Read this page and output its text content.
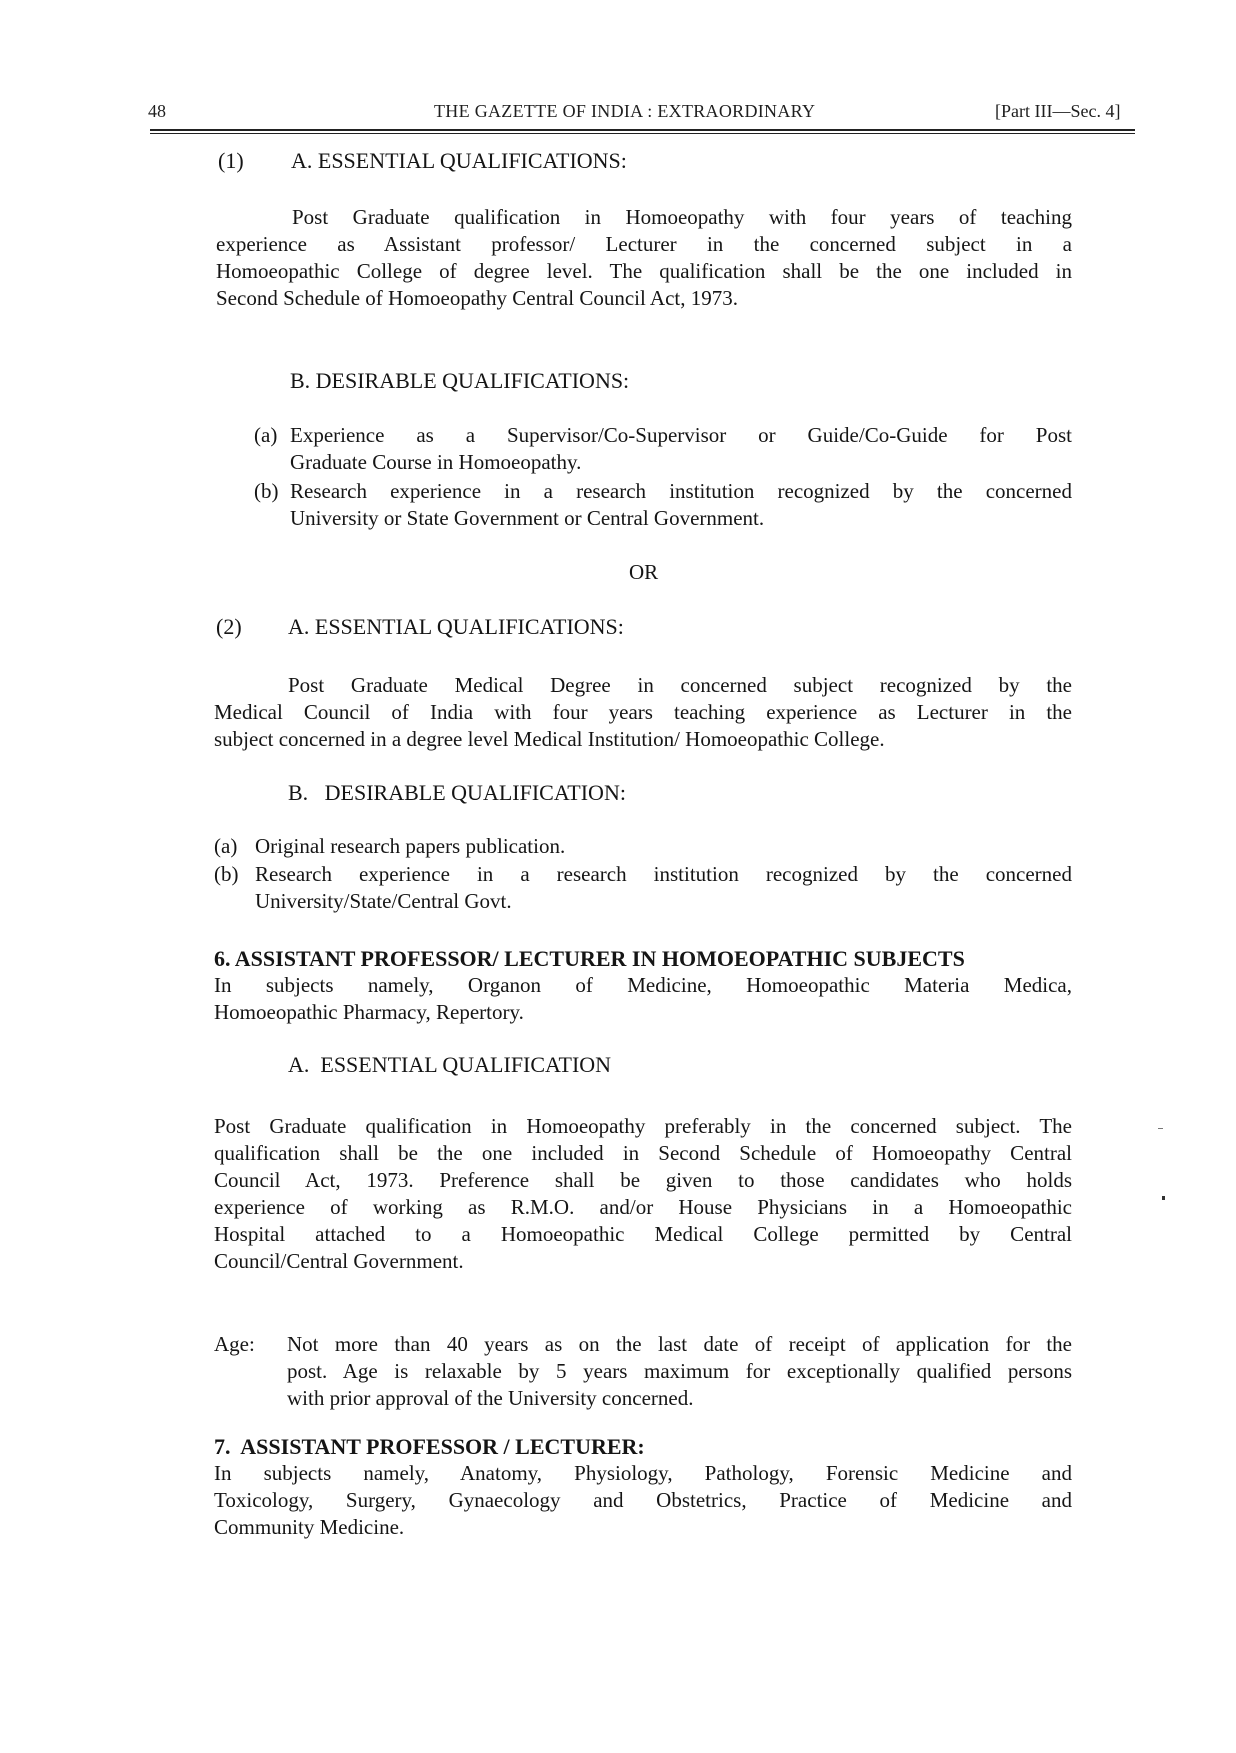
48	THE GAZETTE OF INDIA : EXTRAORDINARY	[Part III—Sec. 4]
(1) A. ESSENTIAL QUALIFICATIONS:
Post Graduate qualification in Homoeopathy with four years of teaching
experience as Assistant professor/ Lecturer in the concerned subject in a
Homoeopathic College of degree level. The qualification shall be the one included in
Second Schedule of Homoeopathy Central Council Act, 1973.
B. DESIRABLE QUALIFICATIONS:
(a) Experience as a Supervisor/Co-Supervisor or Guide/Co-Guide for Post
Graduate Course in Homoeopathy.
(b) Research experience in a research institution recognized by the concerned
University or State Government or Central Government.
OR
(2) A. ESSENTIAL QUALIFICATIONS:
Post Graduate Medical Degree in concerned subject recognized by the
Medical Council of India with four years teaching experience as Lecturer in the
subject concerned in a degree level Medical Institution/ Homoeopathic College.
B.   DESIRABLE QUALIFICATION:
(a) Original research papers publication.
(b) Research experience in a research institution recognized by the concerned
University/State/Central Govt.
6. ASSISTANT PROFESSOR/ LECTURER IN HOMOEOPATHIC SUBJECTS
In subjects namely, Organon of Medicine, Homoeopathic Materia Medica,
Homoeopathic Pharmacy, Repertory.
A.  ESSENTIAL QUALIFICATION
Post Graduate qualification in Homoeopathy preferably in the concerned subject. The
qualification shall be the one included in Second Schedule of Homoeopathy Central
Council Act, 1973. Preference shall be given to those candidates who holds
experience of working as R.M.O. and/or House Physicians in a Homoeopathic
Hospital attached to a Homoeopathic Medical College permitted by Central
Council/Central Government.
Age: Not more than 40 years as on the last date of receipt of application for the
post. Age is relaxable by 5 years maximum for exceptionally qualified persons
with prior approval of the University concerned.
7.  ASSISTANT PROFESSOR / LECTURER:
In subjects namely, Anatomy, Physiology, Pathology, Forensic Medicine and
Toxicology, Surgery, Gynaecology and Obstetrics, Practice of Medicine and
Community Medicine.
